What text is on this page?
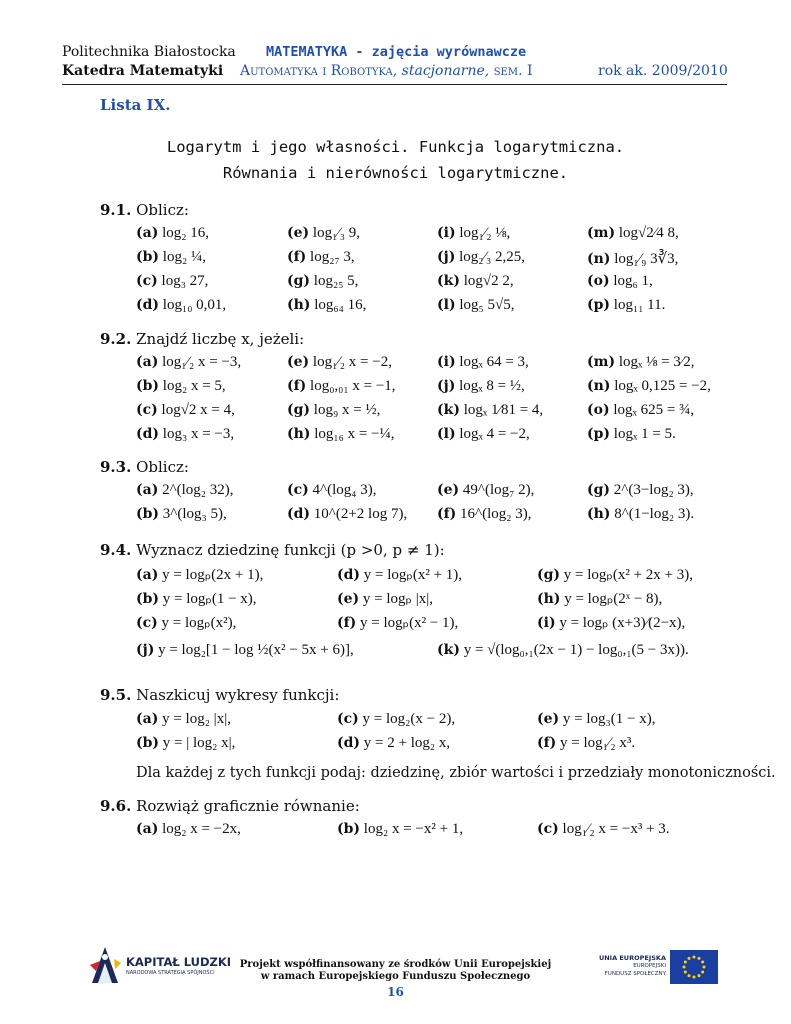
Politechnika Białostocka
Katedra Matematyki
MATEMATYKA - zajęcia wyrównawcze
Automatyka i Robotyka, stacjonarne, sem. I	rok ak. 2009/2010
Lista IX.
Logarytm i jego własności. Funkcja logarytmiczna.
Równania i nierówności logarytmiczne.
9.1. Oblicz:
9.2. Znajdź liczbę x, jeżeli:
9.3. Oblicz:
9.4. Wyznacz dziedzinę funkcji (p >0, p ≠ 1):
9.5. Naszkicuj wykresy funkcji:
9.6. Rozwiąż graficznie równanie:
(a) log₂ 16,	(e) log₁⁄₃ 9,	(i) log₁⁄₂ ⅛,	(m) log√2⁄4 8,
(b) log₂ ¼,	(f) log₂₇ 3,	(j) log₂⁄₃ 2,25,	(n) log₁⁄₉ 3∛3,
(c) log₃ 27,	(g) log₂₅ 5,	(k) log√2 2,	(o) log₆ 1,
(d) log₁₀ 0,01,	(h) log₆₄ 16,	(l) log₅ 5√5,	(p) log₁₁ 11.
(a) log₁⁄₂ x = −3,	(e) log₁⁄₂ x = −2,	(i) logₓ 64 = 3,	(m) logₓ ⅛ = 3⁄2,
(b) log₂ x = 5,	(f) log₀,₀₁ x = −1,	(j) logₓ 8 = ½,	(n) logₓ 0,125 = −2,
(c) log√2 x = 4,	(g) log₉ x = ½,	(k) logₓ 1⁄81 = 4,	(o) logₓ 625 = ¾,
(d) log₃ x = −3,	(h) log₁₆ x = −¼,	(l) logₓ 4 = −2,	(p) logₓ 1 = 5.
(a) 2^(log₂ 32),	(c) 4^(log₄ 3),	(e) 49^(log₇ 2),	(g) 2^(3−log₂ 3),
(b) 3^(log₃ 5),	(d) 10^(2+2 log 7), (f) 16^(log₂ 3),	(h) 8^(1−log₂ 3).
(a) y = logₚ(2x + 1),	(d) y = logₚ(x² + 1),	(g) y = logₚ(x² + 2x + 3),
(b) y = logₚ(1 − x),	(e) y = logₚ |x|,	(h) y = logₚ(2ˣ − 8),
(c) y = logₚ(x²),	(f) y = logₚ(x² − 1),	(i) y = logₚ (x+3)⁄(2−x),
(j) y = log₂[1 − log ½(x² − 5x + 6)],	(k) y = √(log₀,₁(2x − 1) − log₀,₁(5 − 3x)).
(a) y = log₂ |x|,	(c) y = log₂(x − 2),	(e) y = log₃(1 − x),
(b) y = | log₂ x|,	(d) y = 2 + log₂ x,	(f) y = log₁⁄₂ x³.
(a) log₂ x = −2x,	(b) log₂ x = −x² + 1,	(c) log₁⁄₂ x = −x³ + 3.
Dla każdej z tych funkcji podaj: dziedzinę, zbiór wartości i przedziały monotoniczności.
KAPITAŁ LUDZKI
NARODOWA STRATEGIA SPÓJNOŚCI
Projekt współfinansowany ze środków Unii Europejskiej
w ramach Europejskiego Funduszu Społecznego
16
UNIA EUROPEJSKA
EUROPEJSKI
FUNDUSZ SPOŁECZNY
